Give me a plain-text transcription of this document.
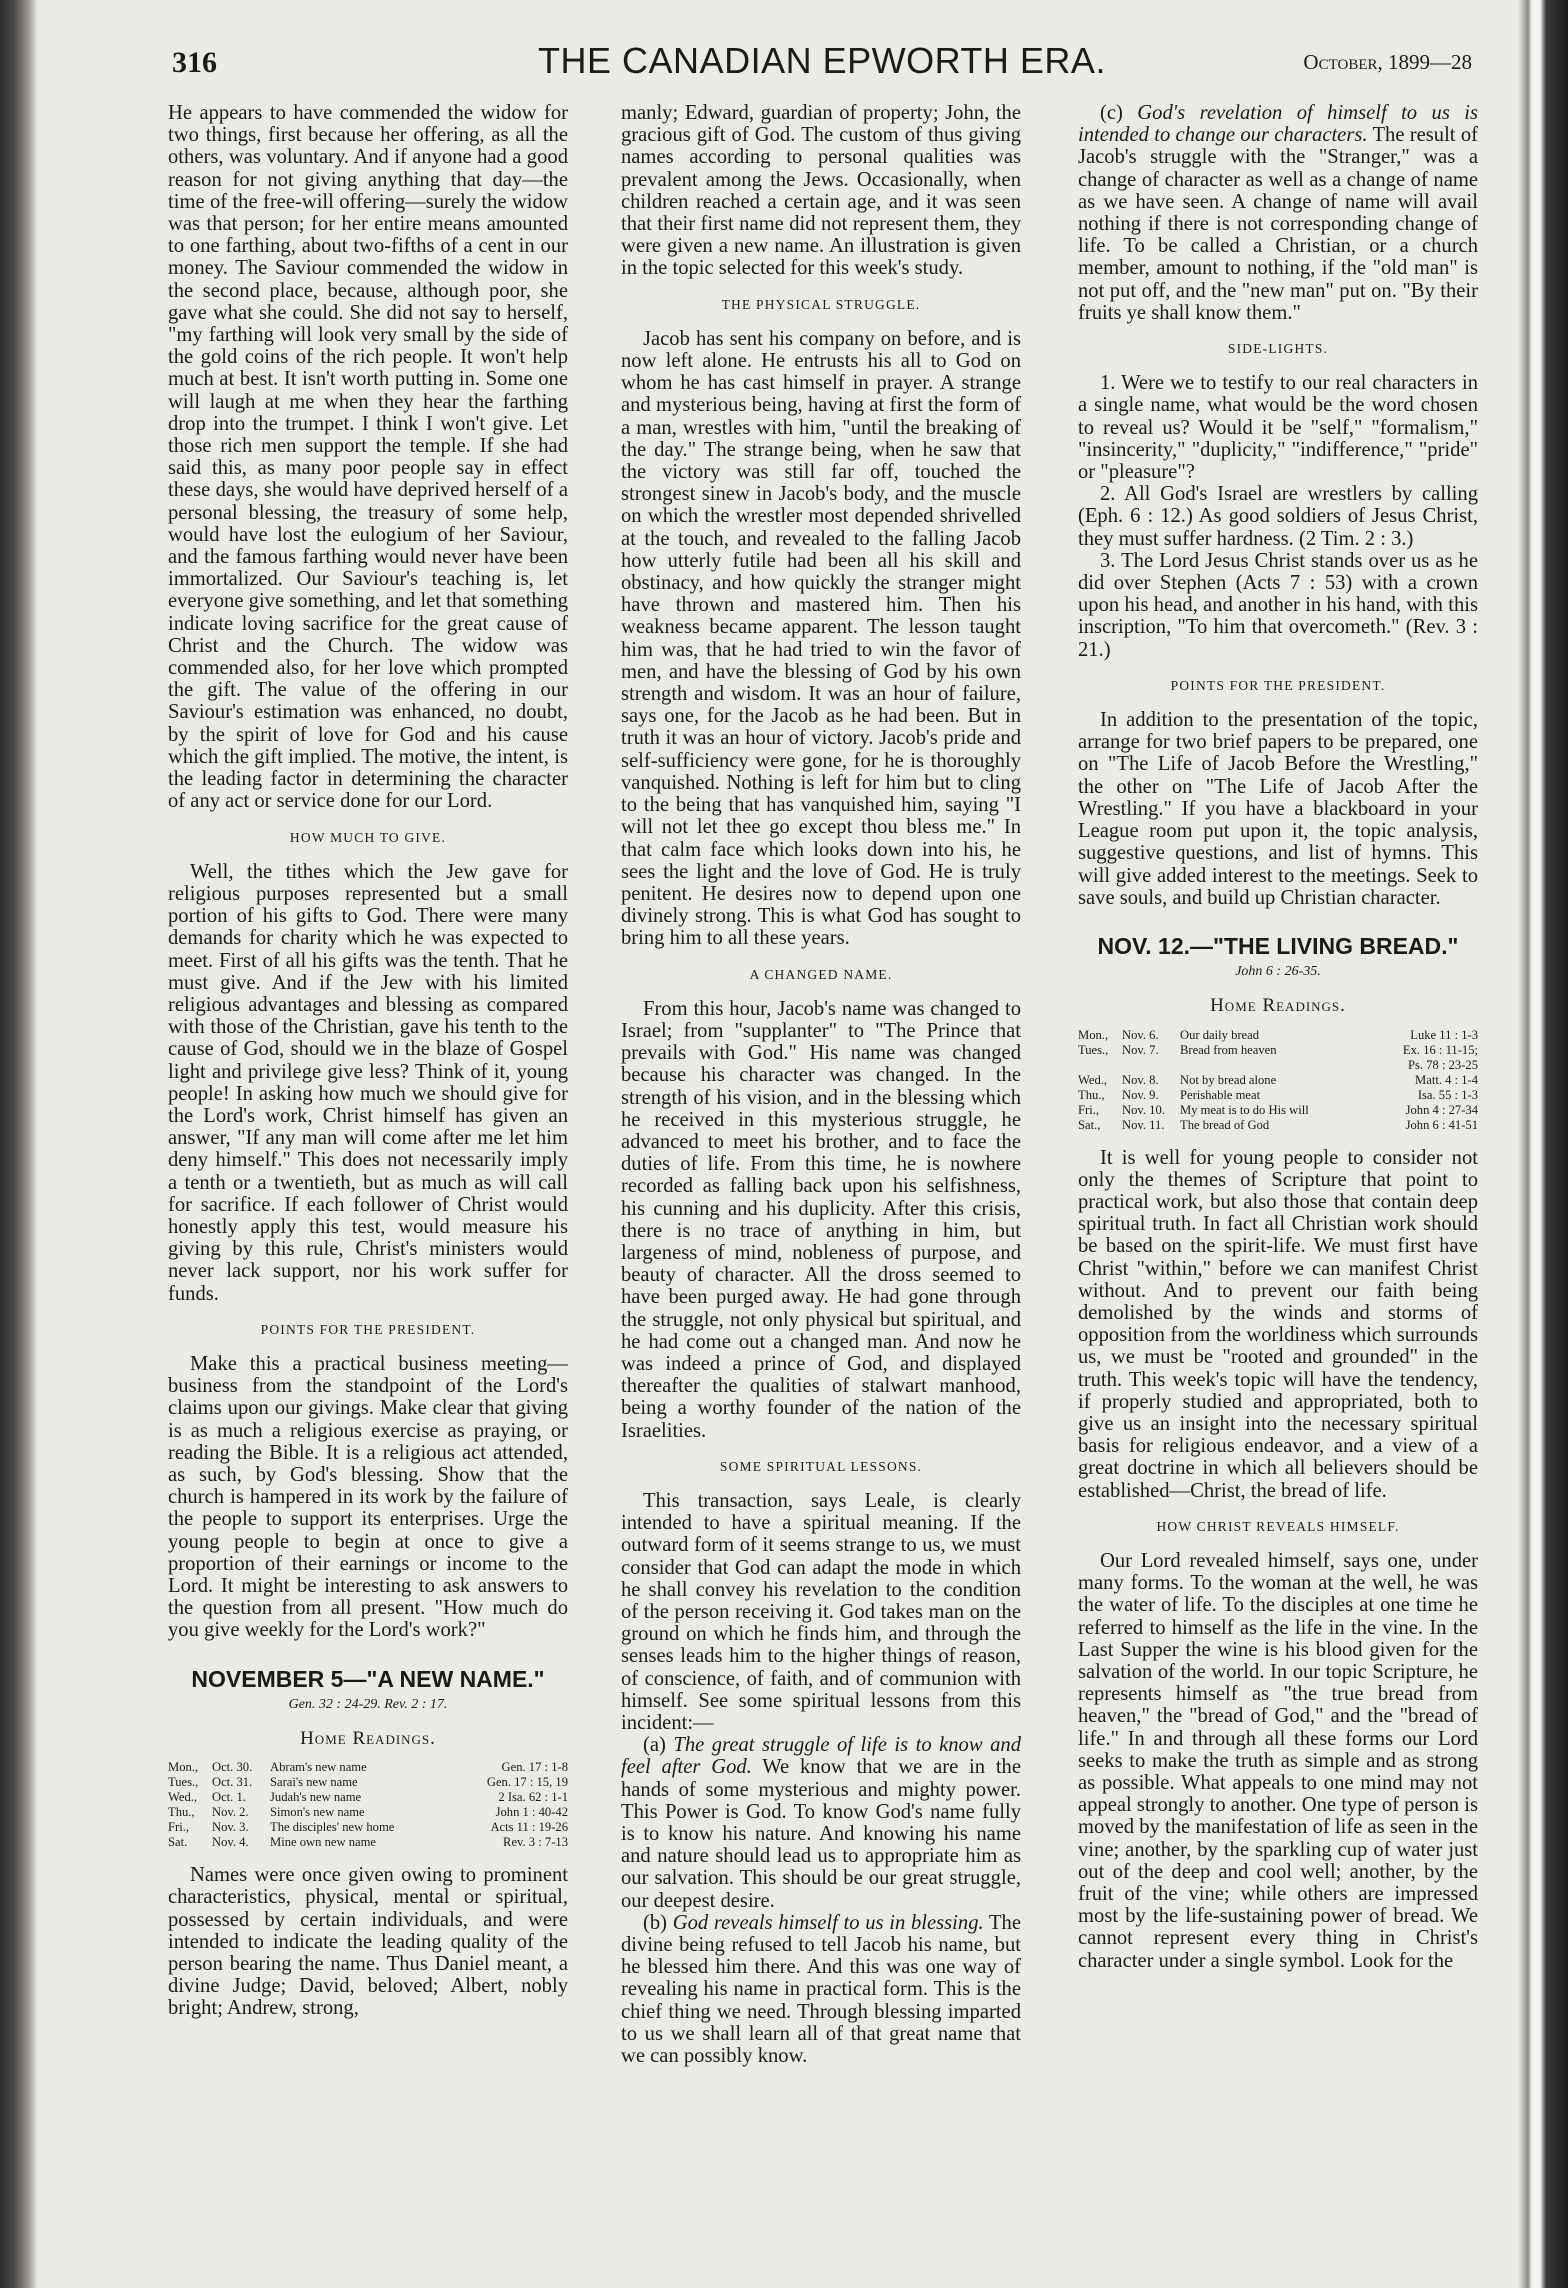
316	THE CANADIAN EPWORTH ERA.	October, 1899—28

He appears to have commended the widow for two things, first because her offering, as all the others, was voluntary. And if anyone had a good reason for not giving anything that day—the time of the free-will offering—surely the widow was that person; for her entire means amounted to one farthing, about two-fifths of a cent in our money. The Saviour commended the widow in the second place, because, although poor, she gave what she could. She did not say to herself, "my farthing will look very small by the side of the gold coins of the rich people. It won't help much at best. It isn't worth putting in. Some one will laugh at me when they hear the farthing drop into the trumpet. I think I won't give. Let those rich men support the temple. If she had said this, as many poor people say in effect these days, she would have deprived herself of a personal blessing, the treasury of some help, would have lost the eulogium of her Saviour, and the famous farthing would never have been immortalized. Our Saviour's teaching is, let everyone give something, and let that something indicate loving sacrifice for the great cause of Christ and the Church. The widow was commended also, for her love which prompted the gift. The value of the offering in our Saviour's estimation was enhanced, no doubt, by the spirit of love for God and his cause which the gift implied. The motive, the intent, is the leading factor in determining the character of any act or service done for our Lord.

HOW MUCH TO GIVE.

Well, the tithes which the Jew gave for religious purposes represented but a small portion of his gifts to God. There were many demands for charity which he was expected to meet. First of all his gifts was the tenth. That he must give. And if the Jew with his limited religious advantages and blessing as compared with those of the Christian, gave his tenth to the cause of God, should we in the blaze of Gospel light and privilege give less? Think of it, young people! In asking how much we should give for the Lord's work, Christ himself has given an answer, "If any man will come after me let him deny himself." This does not necessarily imply a tenth or a twentieth, but as much as will call for sacrifice. If each follower of Christ would honestly apply this test, would measure his giving by this rule, Christ's ministers would never lack support, nor his work suffer for funds.

POINTS FOR THE PRESIDENT.

Make this a practical business meeting—business from the standpoint of the Lord's claims upon our givings. Make clear that giving is as much a religious exercise as praying, or reading the Bible. It is a religious act attended, as such, by God's blessing. Show that the church is hampered in its work by the failure of the people to support its enterprises. Urge the young people to begin at once to give a proportion of their earnings or income to the Lord. It might be interesting to ask answers to the question from all present. "How much do you give weekly for the Lord's work?"

NOVEMBER 5—"A NEW NAME."
Gen. 32 : 24-29. Rev. 2 : 17.
Home Readings.
Mon.,	Oct. 30.	Abram's new name	Gen. 17 : 1-8
Tues.,	Oct. 31.	Sarai's new name	Gen. 17 : 15, 19
Wed.,	Oct. 1.	Judah's new name	2 Isa. 62 : 1-1
Thu.,	Nov. 2.	Simon's new name	John 1 : 40-42
Fri.,	Nov. 3.	The disciples' new home	Acts 11 : 19-26
Sat.	Nov. 4.	Mine own new name	Rev. 3 : 7-13

Names were once given owing to prominent characteristics, physical, mental or spiritual, possessed by certain individuals, and were intended to indicate the leading quality of the person bearing the name. Thus Daniel meant, a divine Judge; David, beloved; Albert, nobly bright; Andrew, strong,

manly; Edward, guardian of property; John, the gracious gift of God. The custom of thus giving names according to personal qualities was prevalent among the Jews. Occasionally, when children reached a certain age, and it was seen that their first name did not represent them, they were given a new name. An illustration is given in the topic selected for this week's study.

THE PHYSICAL STRUGGLE.

Jacob has sent his company on before, and is now left alone. He entrusts his all to God on whom he has cast himself in prayer. A strange and mysterious being, having at first the form of a man, wrestles with him, "until the breaking of the day." The strange being, when he saw that the victory was still far off, touched the strongest sinew in Jacob's body, and the muscle on which the wrestler most depended shrivelled at the touch, and revealed to the falling Jacob how utterly futile had been all his skill and obstinacy, and how quickly the stranger might have thrown and mastered him. Then his weakness became apparent. The lesson taught him was, that he had tried to win the favor of men, and have the blessing of God by his own strength and wisdom. It was an hour of failure, says one, for the Jacob as he had been. But in truth it was an hour of victory. Jacob's pride and self-sufficiency were gone, for he is thoroughly vanquished. Nothing is left for him but to cling to the being that has vanquished him, saying "I will not let thee go except thou bless me." In that calm face which looks down into his, he sees the light and the love of God. He is truly penitent. He desires now to depend upon one divinely strong. This is what God has sought to bring him to all these years.

A CHANGED NAME.

From this hour, Jacob's name was changed to Israel; from "supplanter" to "The Prince that prevails with God." His name was changed because his character was changed. In the strength of his vision, and in the blessing which he received in this mysterious struggle, he advanced to meet his brother, and to face the duties of life. From this time, he is nowhere recorded as falling back upon his selfishness, his cunning and his duplicity. After this crisis, there is no trace of anything in him, but largeness of mind, nobleness of purpose, and beauty of character. All the dross seemed to have been purged away. He had gone through the struggle, not only physical but spiritual, and he had come out a changed man. And now he was indeed a prince of God, and displayed thereafter the qualities of stalwart manhood, being a worthy founder of the nation of the Israelities.

SOME SPIRITUAL LESSONS.

This transaction, says Leale, is clearly intended to have a spiritual meaning. If the outward form of it seems strange to us, we must consider that God can adapt the mode in which he shall convey his revelation to the condition of the person receiving it. God takes man on the ground on which he finds him, and through the senses leads him to the higher things of reason, of conscience, of faith, and of communion with himself. See some spiritual lessons from this incident:—

(a) The great struggle of life is to know and feel after God. We know that we are in the hands of some mysterious and mighty power. This Power is God. To know God's name fully is to know his nature. And knowing his name and nature should lead us to appropriate him as our salvation. This should be our great struggle, our deepest desire.

(b) God reveals himself to us in blessing. The divine being refused to tell Jacob his name, but he blessed him there. And this was one way of revealing his name in practical form. This is the chief thing we need. Through blessing imparted to us we shall learn all of that great name that we can possibly know.

(c) God's revelation of himself to us is intended to change our characters. The result of Jacob's struggle with the "Stranger," was a change of character as well as a change of name as we have seen. A change of name will avail nothing if there is not corresponding change of life. To be called a Christian, or a church member, amount to nothing, if the "old man" is not put off, and the "new man" put on. "By their fruits ye shall know them."

SIDE-LIGHTS.

1. Were we to testify to our real characters in a single name, what would be the word chosen to reveal us? Would it be "self," "formalism," "insincerity," "duplicity," "indifference," "pride" or "pleasure"?

2. All God's Israel are wrestlers by calling (Eph. 6 : 12.) As good soldiers of Jesus Christ, they must suffer hardness. (2 Tim. 2 : 3.)

3. The Lord Jesus Christ stands over us as he did over Stephen (Acts 7 : 53) with a crown upon his head, and another in his hand, with this inscription, "To him that overcometh." (Rev. 3 : 21.)

POINTS FOR THE PRESIDENT.

In addition to the presentation of the topic, arrange for two brief papers to be prepared, one on "The Life of Jacob Before the Wrestling," the other on "The Life of Jacob After the Wrestling." If you have a blackboard in your League room put upon it, the topic analysis, suggestive questions, and list of hymns. This will give added interest to the meetings. Seek to save souls, and build up Christian character.

NOV. 12.—"THE LIVING BREAD."
John 6 : 26-35.
Home Readings.
Mon.,	Nov. 6.	Our daily bread	Luke 11 : 1-3
Tues.,	Nov. 7.	Bread from heaven	Ex. 16 : 11-15;
			Ps. 78 : 23-25
Wed.,	Nov. 8.	Not by bread alone	Matt. 4 : 1-4
Thu.,	Nov. 9.	Perishable meat	Isa. 55 : 1-3
Fri.,	Nov. 10.	My meat is to do His will	John 4 : 27-34
Sat.,	Nov. 11.	The bread of God	John 6 : 41-51

It is well for young people to consider not only the themes of Scripture that point to practical work, but also those that contain deep spiritual truth. In fact all Christian work should be based on the spirit-life. We must first have Christ "within," before we can manifest Christ without. And to prevent our faith being demolished by the winds and storms of opposition from the worldiness which surrounds us, we must be "rooted and grounded" in the truth. This week's topic will have the tendency, if properly studied and appropriated, both to give us an insight into the necessary spiritual basis for religious endeavor, and a view of a great doctrine in which all believers should be established—Christ, the bread of life.

HOW CHRIST REVEALS HIMSELF.

Our Lord revealed himself, says one, under many forms. To the woman at the well, he was the water of life. To the disciples at one time he referred to himself as the life in the vine. In the Last Supper the wine is his blood given for the salvation of the world. In our topic Scripture, he represents himself as "the true bread from heaven," the "bread of God," and the "bread of life." In and through all these forms our Lord seeks to make the truth as simple and as strong as possible. What appeals to one mind may not appeal strongly to another. One type of person is moved by the manifestation of life as seen in the vine; another, by the sparkling cup of water just out of the deep and cool well; another, by the fruit of the vine; while others are impressed most by the life-sustaining power of bread. We cannot represent every thing in Christ's character under a single symbol. Look for the
